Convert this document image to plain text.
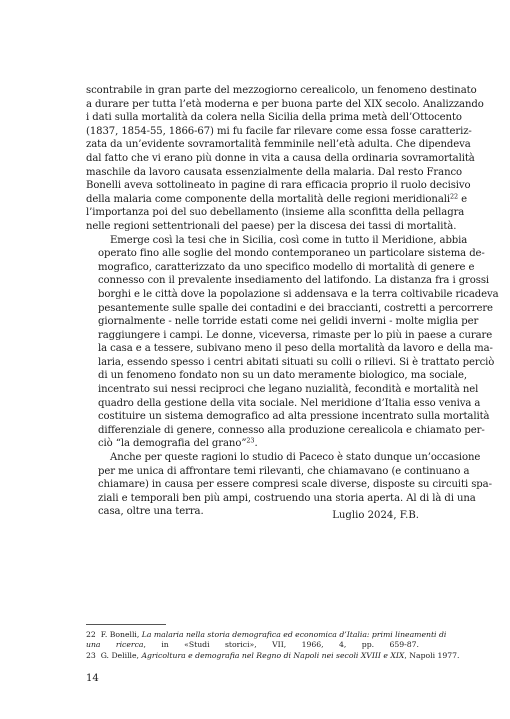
scontrabile in gran parte del mezzogiorno cerealicolo, un fenomeno destinato
a durare per tutta l’età moderna e per buona parte del XIX secolo. Analizzando
i dati sulla mortalità da colera nella Sicilia della prima metà dell’Ottocento
(1837, 1854-55, 1866-67) mi fu facile far rilevare come essa fosse caratteriz-
zata da un’evidente sovramortalità femminile nell’età adulta. Che dipendeva
dal fatto che vi erano più donne in vita a causa della ordinaria sovramortalità
maschile da lavoro causata essenzialmente della malaria. Dal resto Franco
Bonelli aveva sottolineato in pagine di rara efficacia proprio il ruolo decisivo
della malaria come componente della mortalità delle regioni meridionali$^{22}$ e
l’importanza poi del suo debellamento (insieme alla sconfitta della pellagra
nelle regioni settentrionali del paese) per la discesa dei tassi di mortalità.

Emerge così la tesi che in Sicilia, così come in tutto il Meridione, abbia
operato fino alle soglie del mondo contemporaneo un particolare sistema de-
mografico, caratterizzato da uno specifico modello di mortalità di genere e
connesso con il prevalente insediamento del latifondo. La distanza fra i grossi
borghi e le città dove la popolazione si addensava e la terra coltivabile ricadeva
pesantemente sulle spalle dei contadini e dei braccianti, costretti a percorrere
giornalmente - nelle torride estati come nei gelidi inverni - molte miglia per
raggiungere i campi. Le donne, viceversa, rimaste per lo più in paese a curare
la casa e a tessere, subivano meno il peso della mortalità da lavoro e della ma-
laria, essendo spesso i centri abitati situati su colli o rilievi. Si è trattato perciò
di un fenomeno fondato non su un dato meramente biologico, ma sociale,
incentrato sui nessi reciproci che legano nuzialità, fecondità e mortalità nel
quadro della gestione della vita sociale. Nel meridione d’Italia esso veniva a
costituire un sistema demografico ad alta pressione incentrato sulla mortalità
differenziale di genere, connesso alla produzione cerealicola e chiamato per-
ciò “la demografia del grano”$^{23}$.

Anche per queste ragioni lo studio di Paceco è stato dunque un’occasione
per me unica di affrontare temi rilevanti, che chiamavano (e continuano a
chiamare) in causa per essere compresi scale diverse, disposte su circuiti spa-
ziali e temporali ben più ampi, costruendo una storia aperta. Al di là di una
casa, oltre una terra.	Luglio 2024, F.B.
22 F. Bonelli, La malaria nella storia demografica ed economica d’Italia: primi lineamenti di
una ricerca, in «Studi storici», VII, 1966, 4, pp. 659-87.
23 G. Delille, Agricoltura e demografia nel Regno di Napoli nei secoli XVIII e XIX, Napoli 1977.
14
